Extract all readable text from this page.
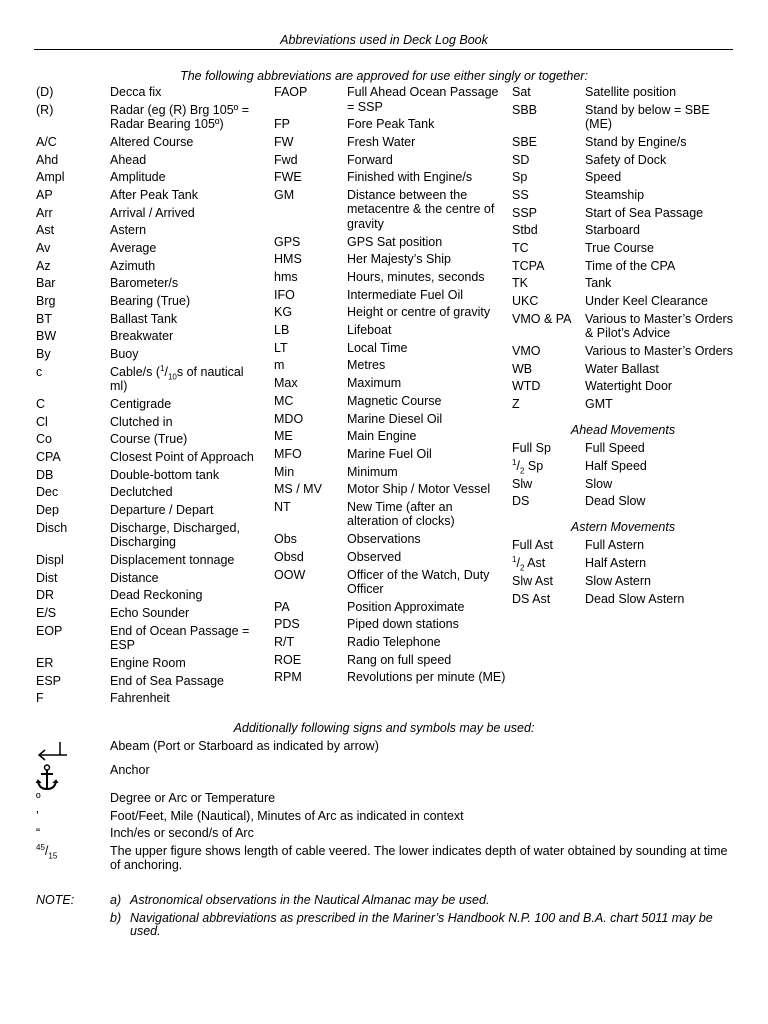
Abbreviations used in Deck Log Book
The following abbreviations are approved for use either singly or together:
(D)	Decca fix
(R)	Radar (eg (R) Brg 105º = Radar Bearing 105º)
A/C	Altered Course
Ahd	Ahead
Ampl	Amplitude
AP	After Peak Tank
Arr	Arrival / Arrived
Ast	Astern
Av	Average
Az	Azimuth
Bar	Barometer/s
Brg	Bearing (True)
BT	Ballast Tank
BW	Breakwater
By	Buoy
c	Cable/s ($^1/_{10}s$ of nautical ml)
C	Centigrade
Cl	Clutched in
Co	Course (True)
CPA	Closest Point of Approach
DB	Double-bottom tank
Dec	Declutched
Dep	Departure / Depart
Disch	Discharge, Discharged, Discharging
Displ	Displacement tonnage
Dist	Distance
DR	Dead Reckoning
E/S	Echo Sounder
EOP	End of Ocean Passage = ESP
ER	Engine Room
ESP	End of Sea Passage
F	Fahrenheit
FAOP	Full Ahead Ocean Passage = SSP
FP	Fore Peak Tank
FW	Fresh Water
Fwd	Forward
FWE	Finished with Engine/s
GM	Distance between the metacentre & the centre of gravity
GPS	GPS Sat position
HMS	Her Majesty’s Ship
hms	Hours, minutes, seconds
IFO	Intermediate Fuel Oil
KG	Height or centre of gravity
LB	Lifeboat
LT	Local Time
m	Metres
Max	Maximum
MC	Magnetic Course
MDO	Marine Diesel Oil
ME	Main Engine
MFO	Marine Fuel Oil
Min	Minimum
MS / MV	Motor Ship / Motor Vessel
NT	New Time (after an alteration of clocks)
Obs	Observations
Obsd	Observed
OOW	Officer of the Watch, Duty Officer
PA	Position Approximate
PDS	Piped down stations
R/T	Radio Telephone
ROE	Rang on full speed
RPM	Revolutions per minute (ME)
Sat	Satellite position
SBB	Stand by below = SBE (ME)
SBE	Stand by Engine/s
SD	Safety of Dock
Sp	Speed
SS	Steamship
SSP	Start of Sea Passage
Stbd	Starboard
TC	True Course
TCPA	Time of the CPA
TK	Tank
UKC	Under Keel Clearance
VMO & PA	Various to Master’s Orders & Pilot’s Advice
VMO	Various to Master’s Orders
WB	Water Ballast
WTD	Watertight Door
Z	GMT
Ahead Movements
Full Sp	Full Speed
$^1/_2$ Sp	Half Speed
Slw	Slow
DS	Dead Slow
Astern Movements
Full Ast	Full Astern
$^1/_2$ Ast	Half Astern
Slw Ast	Slow Astern
DS Ast	Dead Slow Astern
Additionally following signs and symbols may be used:
Abeam (Port or Starboard as indicated by arrow)
Anchor
º	Degree or Arc or Temperature
’	Foot/Feet, Mile (Nautical), Minutes of Arc as indicated in context
“	Inch/es or second/s of Arc
$^{45}/_{15}$	The upper figure shows length of cable veered. The lower indicates depth of water obtained by sounding at time of anchoring.
NOTE:	a) Astronomical observations in the Nautical Almanac may be used.
b) Navigational abbreviations as prescribed in the Mariner’s Handbook N.P. 100 and B.A. chart 5011 may be used.
